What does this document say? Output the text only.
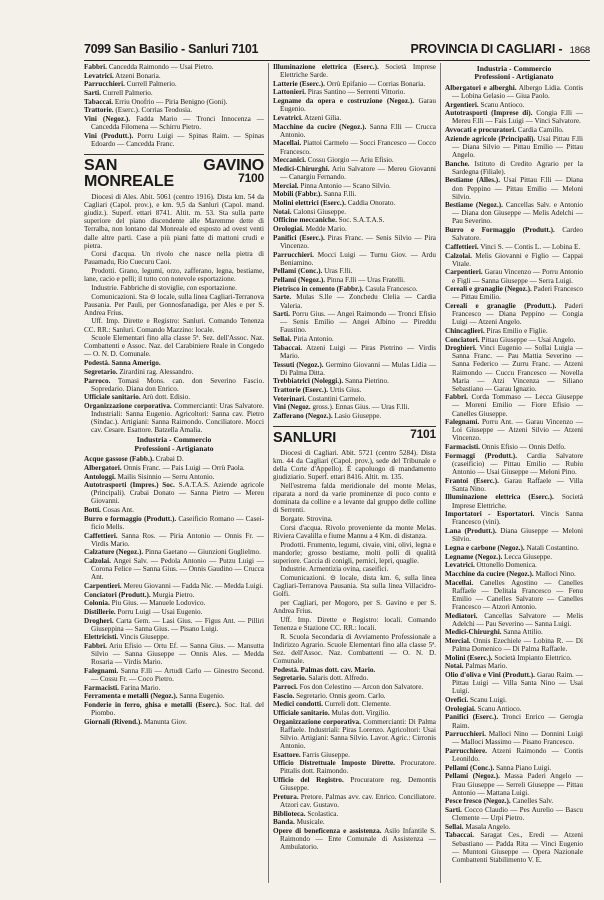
7099 San Basilio - Sanluri 7101	PROVINCIA DI CAGLIARI - 1868

Fabbri. Canceddа Raimondo — Usai Pietro.

Levatrici. Atzeni Bonaria.

Parrucchieri. Currell Palmerio.

Sarti. Currell Palmerio.

Tabaccai. Erriu Onofrio — Piria Benigno (Goni).

Trattorie. (Eserc.). Corrias Teodosia.

Vini (Negoz.). Faddа Mario — Tronci Innocenza — Canceddа Filomena — Schirru Pietro.

Vini (Produtt.). Porru Luigi — Spinas Raim. — Spinas Edoardo — Canceddа Franc.

SAN GAVINO MONREALE	7100

 Diocesi di Ales. Abit. 5061 (centro 1916). Dista km. 54 da Cagliari (Capol. prov.), e km. 9,5 da Sanluri (Capol. mand. giudiz.). Superf. ettari 8741. Altit. m. 53. Sta sulla parte superiore del piano discendente alle Maremme dette di Terralba, non lontano dal Monreale ed esposto ad ovest venti dalle altre parti. Case a più piani fatte di mattoni crudi e pietra.

 Corsi d'acqua. Un rivolo che nasce nella pietra di Pauamadu, Rio Cuecuru Caoi.

 Prodotti. Grano, legumi, orzo, zafferano, legna, bestiame, lane, cacio e pelli; il tutto con notevole esportazione.

 Industrie. Fabbriche di stoviglie, con esportazione.

 Comunicazioni. Sta ⊙ locale, sulla linea Cagliari-Terranova Pausania. Per Pauli, per Gonnosfanadiga, per Ales e per S. Andrea Frius.

 Uff. Imp. Dirette e Registro: Sanluri. Comando Tenenza CC. RR.: Sanluri. Comando Mazzino: locale.

 Scuole Elementari fino alla classe 5ª. Sez. dell'Assoc. Naz. Combattenti e Assoc. Naz. del Carabiniere Reale in Congedo — O. N. D. Comunale.

Podestà. Sanna Amerigo.

Segretario. Zirardini rag. Alessandro.

Parroco. Tomasi Mons. can. don Severino Fascio. Sopredario. Diana don Enrico.

Ufficiale sanitario. Arù dott. Edisio.

Organizzazione corporativa. Commercianti: Uras Salvatore. Industriali: Sanna Eugenio. Agricoltori: Sanna cav. Pietro (Sindac.). Artigiani: Sanna Raimondo. Conciliatore. Mocci cav. Cesare. Esattore. Batzella Amalia.

Industria - Commercio
Professioni - Artigianato

Acque gassose (Fabb.). Crabai D.

Albergatori. Onnis Franc. — Pais Luigi — Orrù Paola.

Antologgi. Mailis Sisinnio — Serru Antonio.

Autotrasporti (Impres.) Soc. S.A.T.A.S. Aziende agricole (Principali). Crabai Donato — Sanna Pietro — Mereu Giovanni.

Botti. Cosas Ant.

Burro e formaggio (Produtt.). Caseificio Romano — Caseificio Mells.

Caffettieri. Sanna Ros. — Piria Antonio — Onnis Fr. — Virdis Mario.

Calzature (Negoz.). Pinna Gaetano — Giunzioni Guglielmo.

Calzolai. Angei Salv. — Pedola Antonio — Putzu Luigi — Corona Felice — Sanna Gius. — Onnis Gaudino — Crucca Ant.

Carpentieri. Mereu Giovanni — Fadda Nic. — Medda Luigi.

Conciatori (Produtt.). Murgia Pietro.

Colonia. Piu Gius. — Manuele Lodovico.

Distillerie. Porru Luigi — Usai Eugenio.

Drogheri. Carta Gem. — Lasi Gius. — Figus Ant. — Pilliri Giuseppina — Sanna Gius. — Pisano Luigi.

Elettricisti. Vincis Giuseppe.

Fabbri. Ariu Efisio — Ortu Ef. — Sanna Gius. — Mansutta Silvio — Sanna Giuseppe — Onnis Ales. — Medda Rosaria — Virdis Mario.

Falegnami. Sanna F.lli — Artudi Carlo — Ginestro Second. — Cossu Fr. — Coco Pietro.

Farmacisti. Farina Mario.

Ferramenta e metalli (Negoz.). Sanna Eugenio.

Fonderie in ferro, ghisa e metalli (Eserc.). Soc. Ital. del Piombo.

Giornali (Rivend.). Manunta Giov.

Illuminazione elettrica (Eserc.). Società Imprese Elettriche Sarde.

Latterie (Eserc.). Orrù Epifanio — Corrias Bonaria.

Lattonieri. Piras Santino — Serrenti Vittorio.

Legname da opera e costruzione (Negoz.). Garau Eugenio.

Levatrici. Atzeni Gilia.

Macchine da cucire (Negoz.). Sanna F.lli — Crucca Antonio.

Macellai. Piattoi Carmelo — Socci Francesco — Cocco Francesco.

Meccanici. Cossu Giorgio — Ariu Efisio.

Medici-Chirurghi. Ariu Salvatore — Mereu Giovanni — Canargiu Fernando.

Mercial. Pinna Antonio — Scano Silvio.

Mobili (Fabbr.). Sanna F.lli.

Molini elettrici (Eserc.). Caddia Onorato.

Notai. Calonsi Giuseppe.

Officine meccaniche. Soc. S.A.T.A.S.

Orologiai. Medde Mario.

Panifici (Eserc.). Piras Franc. — Senis Silvio — Pira Vincenzo.

Parrucchieri. Mocci Luigi — Turnu Giov. — Ardu Beniamino.

Pellami (Conc.). Uras F.lli.

Pellami (Negoz.). Pinna F.lli — Uras Fratelli.

Pietrisco in cemento (Fabbr.). Casula Francesco.

Sarte. Mulas S.lle — Zonchedu Clelia — Cardia Valeria.

Sarti. Porru Gius. — Angei Raimondo — Tronci Efisio — Senis Emilio — Angei Albino — Pireddu Faustino.

Sellai. Piria Antonio.

Tabaccai. Atzeni Luigi — Piras Pietrino — Virdis Mario.

Tessuti (Negoz.). Germino Giovanni — Mulas Lidia — Di Palma Ditta.

Trebbiatrici (Noleggi.). Sanna Pietrino.

Trattorie (Eserc.). Urtis Gius.

Veterinari. Costantini Carmelo.

Vini (Negoz. gross.). Ennas Gius. — Uras F.lli.

Zafferano (Negoz.). Lasio Giuseppe.

SANLURI	7101

 Diocesi di Cagliari. Abit. 5721 (centro 5284). Dista km. 44 da Cagliari (Capol. prov.), sede del Tribunale e della Corte d'Appello). È capoluogo di mandamento giudiziario. Superf. ettari 8416. Altit. m. 135.

 Nell'estrema falda meridionale del monte Melas, riparata a nord da varie prominenze di poco conto e dominata da colline e a levante dal gruppo delle colline di Serrenti.

 Borgate. Strovina.

 Corsi d'acqua. Rivolo proveniente da monte Melas. Riviera Cavalilla e fiume Mannu a 4 Km. di distanza.

 Prodotti. Frumento, legumi, civaie, vini, olivi, legna e mandorle; grosso bestiame, molti polli di qualità superiore. Caccia di conigli, pernici, lepri, quaglie.

 Industrie. Armentizia ovina, caseifici.

 Comunicazioni. ⊙ locale, dista km. 6, sulla linea Cagliari-Terranova Pausania. Sta sulla linea Villacidro-Golfi.

 per Cagliari, per Mogoro, per S. Gavino e per S. Andrea Frius.

 Uff. Imp. Dirette e Registro: locali. Comando Tenenza e Stazione CC. RR.: locali.

 R. Scuola Secondaria di Avviamento Professionale a Indirizzo Agrario. Scuole Elementari fino alla classe 5ª. Sez. dell'Assoc. Naz. Combattenti — O. N. D. Comunale.

Podestà. Palmas dott. cav. Mario.

Segretario. Salaris dott. Alfredo.

Parroci. Fos don Celestino — Arcon don Salvatore.

Fascio. Segretario. Onnis geom. Carlo.

Medici condotti. Curreli dott. Clemente.

Ufficiale sanitario. Mulas dott. Virgilio.

Organizzazione corporativa. Commercianti: Di Palma Raffaele. Industriali: Piras Lorenzo. Agricoltori: Usai Silvio. Artigiani: Sanna Silvio. Lavor. Agric.: Cirronis Antonio.

Esattore. Farris Giuseppe.

Ufficio Distrettuale Imposte Dirette. Procuratore. Pittalis dott. Raimondo.

Ufficio del Registro. Procuratore reg. Demontis Giuseppe.

Pretura. Pretore. Palmas avv. cav. Enrico. Conciliatore. Atzori cav. Gustavo.

Biblioteca. Scolastica.

Banda. Musicale.

Opere di beneficenza e assistenza. Asilo Infantile S. Raimondo — Ente Comunale di Assistenza — Ambulatorio.

Industria - Commercio
Professioni - Artigianato

Albergatori e alberghi. Albergo Lidia. Contis — Lobina Gelasio — Giua Paolo.

Argentieri. Scanu Antioco.

Autotrasporti (Imprese di). Congia F.lli — Mereu F.lli — Fais Luigi — Vinci Salvatore.

Avvocati e procuratori. Cardia Camillo.

Aziende agricole (Principali). Usai Pittau F.lli — Diana Silvio — Pittau Emilio — Pittau Angelo.

Banche. Istituto di Credito Agrario per la Sardegna (Filiale).

Bestiame (Alles.). Usai Pittau F.lli — Diana don Peppino — Pittau Emilio — Meloni Silvio.

Bestiame (Negoz.). Cancellas Salv. e Antonio — Diana don Giuseppe — Melis Adelchi — Pau Severino.

Burro e Formaggio (Produtt.). Cardeo Salvatore.

Caffettieri. Vinci S. — Contis L. — Lobina E.

Calzolai. Melis Giovanni e Figlio — Cappai Vitale.

Carpentieri. Garau Vincenzo — Porru Antonio e Figli — Sanna Giuseppe — Serra Luigi.

Cereali e granaglie (Negoz.). Paderi Francesco — Pittau Emilio.

Cereali e granaglie (Produtt.). Paderi Francesco — Diana Peppino — Congia Luigi — Atzeni Angelo.

Chincaglieri. Piras Emilio e Figlie.

Conciatori. Pittau Giuseppe — Usai Angelo.

Droghieri. Vinci Eugenio — Sollai Luigia — Sanna Franc. — Pau Mattia Severino — Sanna Federico — Zurru Franc. — Atzeni Raimondo — Cuccu Francesco — Novella Maria — Atzi Vincenza — Siliano Sebastiano — Garau Ignazio.

Fabbri. Corda Tommaso — Lecca Giuseppe — Moreni Emilio — Fiore Efisio — Canelles Giuseppe.

Falegnami. Porru Ant. — Garau Vincenzo — Loi Giuseppe — Atzeni Silvio — Atzeni Vincenzo.

Farmacisti. Onnis Efisio — Onnis Delfo.

Formaggi (Produtt.). Cardia Salvatore (caseificio) — Pittau Emilio — Rubiu Antonio — Usai Giuseppe — Meloni Pino.

Frantoi (Eserc.). Garau Raffaele — Villa Santa Nino.

Illuminazione elettrica (Eserc.). Società Imprese Elettriche.

Importatori - Esportatori. Vincis Sanna Francesco (vini).

Lana (Produtt.). Diana Giuseppe — Meloni Silvio.

Legna e carbone (Negoz.). Natali Costantino.

Legname (Negoz.). Lecca Giuseppe.

Levatrici. Ottonello Domenica.

Macchine da cucire (Negoz.). Malloci Nino.

Macellai. Canelles Agostino — Canelles Raffaele — Delitala Francesco — Fenu Emilio — Canelles Salvatore — Canelles Francesco — Atzori Antonio.

Mediatori. Cancellas Salvatore — Melis Adelchi — Pau Severino — Sanna Luigi.

Medici-Chirurghi. Sanna Attilio.

Mercial. Onnis Ezechiele — Lobina R. — Di Palma Domenico — Di Palma Raffaele.

Molini (Eserc.). Società Impianto Elettrico.

Notai. Palmas Mario.

Olio d'oliva e Vini (Produtt.). Garau Raim. — Pittau Luigi — Villa Santa Nino — Usai Luigi.

Orefici. Scanu Luigi.

Orologiai. Scanu Antioco.

Panifici (Eserc.). Tronci Enrico — Gerogia Raim.

Parrucchieri. Malloci Nino — Donnini Luigi — Malloci Massimo — Pisano Francesco.

Parrucchiere. Atzeni Raimondo — Contis Leonildo.

Pellami (Conc.). Sanna Piano Luigi.

Pellami (Negoz.). Massa Paderi Angelo — Frau Giuseppe — Serreli Giuseppe — Pittau Antonio — Mattana Luigi.

Pesce fresco (Negoz.). Canelles Salv.

Sarti. Cocco Claudio — Pes Aurelio — Bascu Clemente — Urpi Pietro.

Sellai. Masala Angelo.

Tabaccai. Saragat Ces., Eredi — Atzeni Sebastiano — Padda Rita — Vinci Eugenio — Muntoni Giuseppe — Opera Nazionale Combattenti Stabilimento V. E.
